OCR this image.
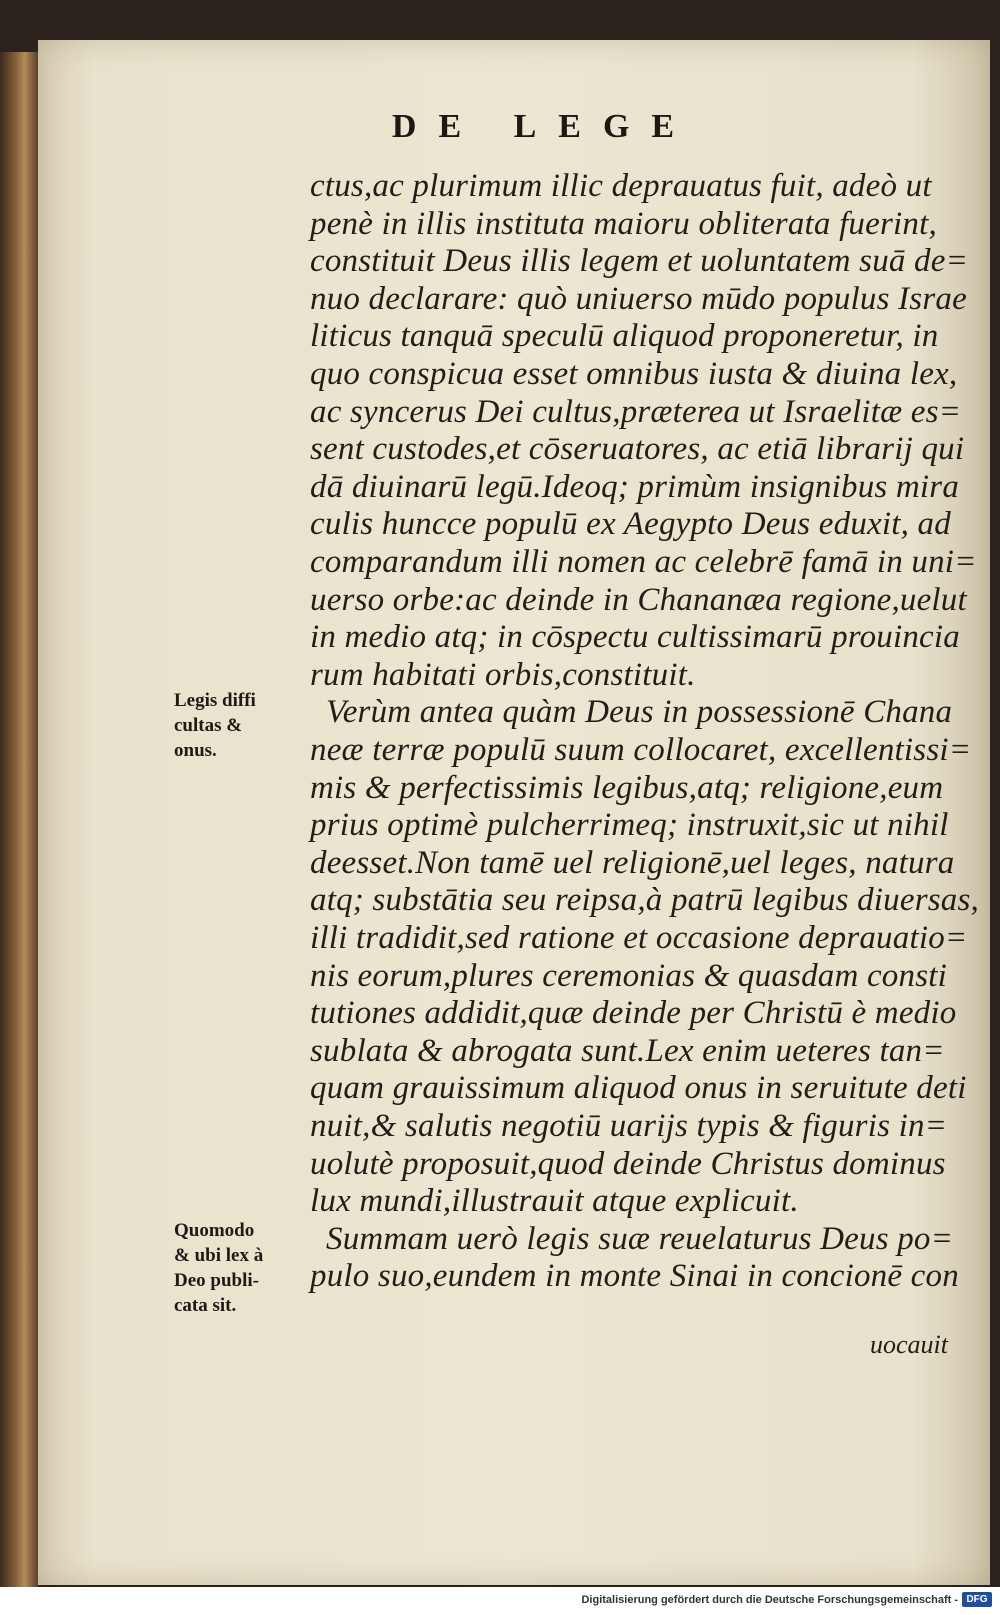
DE LEGE
ctus,ac plurimum illic deprauatus fuit, adeò ut
penè in illis instituta maioru obliterata fuerint,
constituit Deus illis legem et uoluntatem suā de=
nuo declarare: quò uniuerso mūdo populus Israe
liticus tanquā speculū aliquod proponeretur, in
quo conspicua esset omnibus iusta & diuina lex,
ac syncerus Dei cultus,prӕterea ut Israelitӕ es=
sent custodes,et cōseruatores, ac etiā librarij qui
dā diuinarū legū.Ideoq; primùm insignibus mira
culis huncce populū ex Aegypto Deus eduxit, ad
comparandum illi nomen ac celebrē famā in uni=
uerso orbe:ac deinde in Chananӕa regione,uelut
in medio atq; in cōspectu cultissimarū prouincia
rum habitati orbis,constituit.
Verùm antea quàm Deus in possessionē Chana
neӕ terrӕ populū suum collocaret, excellentissi=
mis & perfectissimis legibus,atq; religione,eum
prius optimè pulcherrimeq; instruxit,sic ut nihil
deesset.Non tamē uel religionē,uel leges, natura
atq; substātia seu reipsa,à patrū legibus diuersas,
illi tradidit,sed ratione et occasione deprauatio=
nis eorum,plures ceremonias & quasdam consti
tutiones addidit,quӕ deinde per Christū è medio
sublata & abrogata sunt.Lex enim ueteres tan=
quam grauissimum aliquod onus in seruitute deti
nuit,& salutis negotiū uarijs typis & figuris in=
uolutè proposuit,quod deinde Christus dominus
lux mundi,illustrauit atque explicuit.
Summam uerò legis suӕ reuelaturus Deus po=
pulo suo,eundem in monte Sinai in concionē con
Legis diffi
cultas &
onus.
Quomodo
& ubi lex à
Deo publi-
cata sit.
uocauit
Digitalisierung gefördert durch die Deutsche Forschungsgemeinschaft - DFG
